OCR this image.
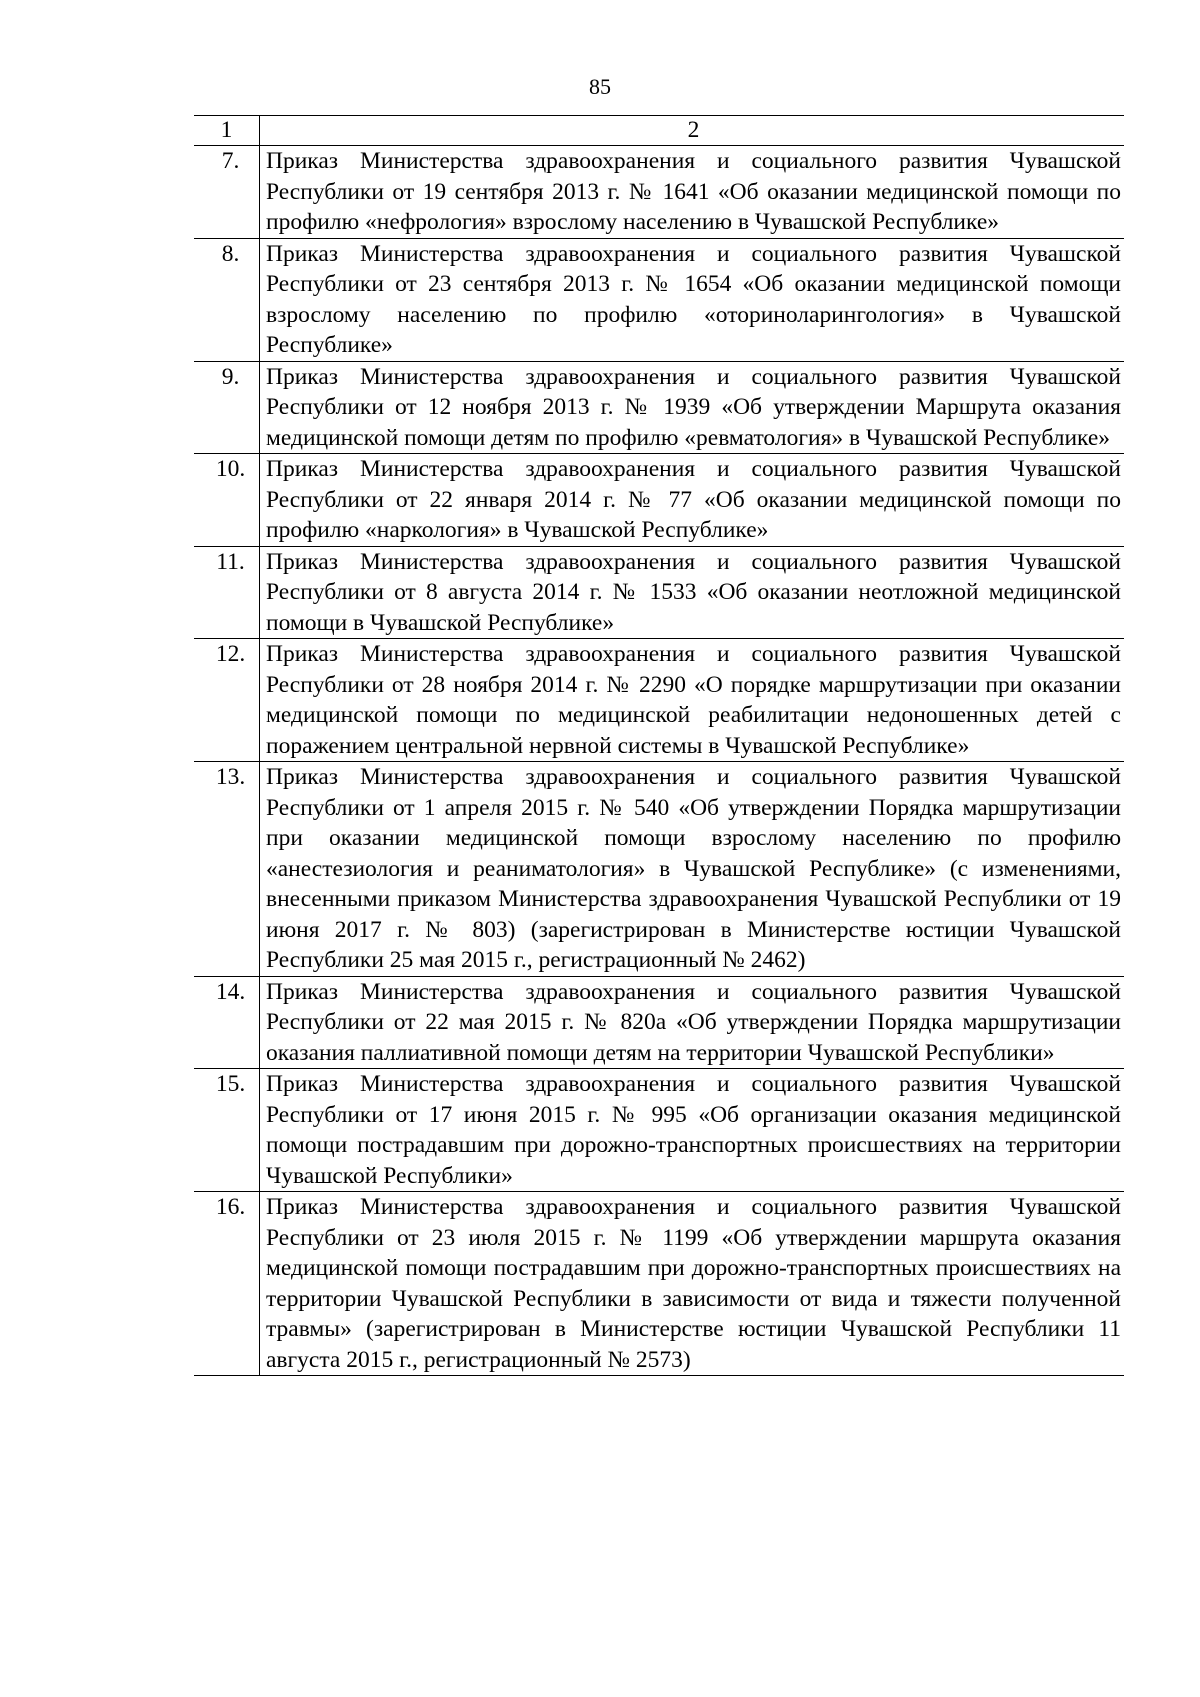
85
1	2
7.	Приказ Министерства здравоохранения и социального развития Чувашской Республики от 19 сентября 2013 г. № 1641 «Об оказании медицинской помощи по профилю «нефрология» взрослому населению в Чувашской Республике»
8.	Приказ Министерства здравоохранения и социального развития Чувашской Республики от 23 сентября 2013 г. № 1654 «Об оказании медицинской помощи взрослому населению по профилю «оториноларингология» в Чувашской Республике»
9.	Приказ Министерства здравоохранения и социального развития Чувашской Республики от 12 ноября 2013 г. № 1939 «Об утверждении Маршрута оказания медицинской помощи детям по профилю «ревматология» в Чувашской Республике»
10.	Приказ Министерства здравоохранения и социального развития Чувашской Республики от 22 января 2014 г. № 77 «Об оказании медицинской помощи по профилю «наркология» в Чувашской Республике»
11.	Приказ Министерства здравоохранения и социального развития Чувашской Республики от 8 августа 2014 г. № 1533 «Об оказании неотложной медицинской помощи в Чувашской Республике»
12.	Приказ Министерства здравоохранения и социального развития Чувашской Республики от 28 ноября 2014 г. № 2290 «О порядке маршрутизации при оказании медицинской помощи по медицинской реабилитации недоношенных детей с поражением центральной нервной системы в Чувашской Республике»
13.	Приказ Министерства здравоохранения и социального развития Чувашской Республики от 1 апреля 2015 г. № 540 «Об утверждении Порядка маршрутизации при оказании медицинской помощи взрослому населению по профилю «анестезиология и реаниматология» в Чувашской Республике» (с изменениями, внесенными приказом Министерства здравоохранения Чувашской Республики от 19 июня 2017 г. № 803) (зарегистрирован в Министерстве юстиции Чувашской Республики 25 мая 2015 г., регистрационный № 2462)
14.	Приказ Министерства здравоохранения и социального развития Чувашской Республики от 22 мая 2015 г. № 820а «Об утверждении Порядка маршрутизации оказания паллиативной помощи детям на территории Чувашской Республики»
15.	Приказ Министерства здравоохранения и социального развития Чувашской Республики от 17 июня 2015 г. № 995 «Об организации оказания медицинской помощи пострадавшим при дорожно-транспортных происшествиях на территории Чувашской Республики»
16.	Приказ Министерства здравоохранения и социального развития Чувашской Республики от 23 июля 2015 г. № 1199 «Об утверждении маршрута оказания медицинской помощи пострадавшим при дорожно-транспортных происшествиях на территории Чувашской Республики в зависимости от вида и тяжести полученной травмы» (зарегистрирован в Министерстве юстиции Чувашской Республики 11 августа 2015 г., регистрационный № 2573)
